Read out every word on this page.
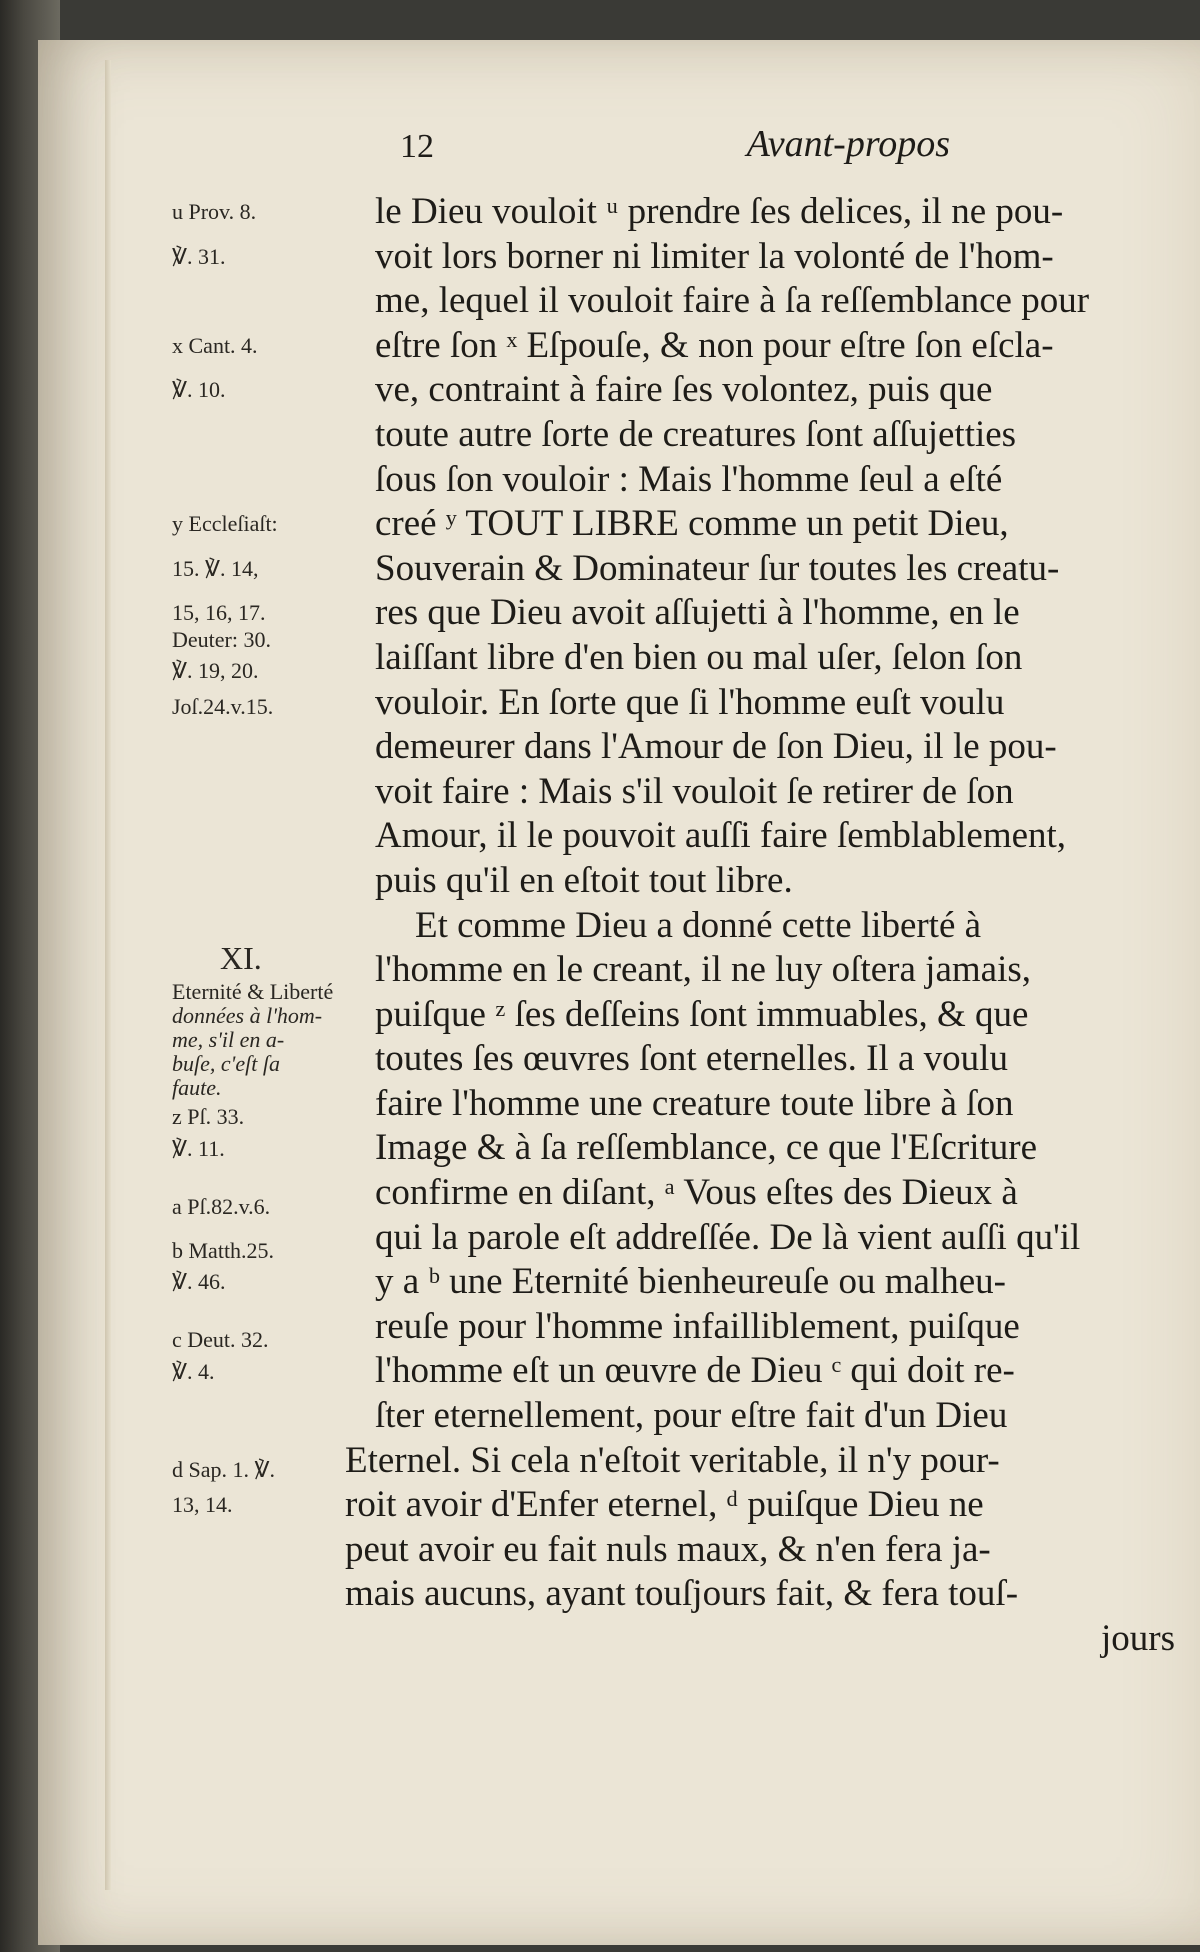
12	Avant-propos
le Dieu vouloit ᵘ prendre ſes delices, il ne pou-
voit lors borner ni limiter la volonté de l'hom-
me, lequel il vouloit faire à ſa reſſemblance pour
eſtre ſon ˣ Eſpouſe, & non pour eſtre ſon eſcla-
ve, contraint à faire ſes volontez, puis que
toute autre ſorte de creatures ſont aſſujetties
ſous ſon vouloir : Mais l'homme ſeul a eſté
creé ʸ TOUT LIBRE comme un petit Dieu,
Souverain & Dominateur ſur toutes les creatu-
res que Dieu avoit aſſujetti à l'homme, en le
laiſſant libre d'en bien ou mal uſer, ſelon ſon
vouloir. En ſorte que ſi l'homme euſt voulu
demeurer dans l'Amour de ſon Dieu, il le pou-
voit faire : Mais s'il vouloit ſe retirer de ſon
Amour, il le pouvoit auſſi faire ſemblablement,
puis qu'il en eſtoit tout libre.
Et comme Dieu a donné cette liberté à
l'homme en le creant, il ne luy oſtera jamais,
puiſque ᶻ ſes deſſeins ſont immuables, & que
toutes ſes œuvres ſont eternelles. Il a voulu
faire l'homme une creature toute libre à ſon
Image & à ſa reſſemblance, ce que l'Eſcriture
confirme en diſant, ᵃ Vous eſtes des Dieux à
qui la parole eſt addreſſée. De là vient auſſi qu'il
y a ᵇ une Eternité bienheureuſe ou malheu-
reuſe pour l'homme infailliblement, puiſque
l'homme eſt un œuvre de Dieu ᶜ qui doit re-
ſter eternellement, pour eſtre fait d'un Dieu
Eternel. Si cela n'eſtoit veritable, il n'y pour-
roit avoir d'Enfer eternel, ᵈ puiſque Dieu ne
peut avoir eu fait nuls maux, & n'en fera ja-
mais aucuns, ayant touſjours fait, & fera touſ-
jours
u Prov. 8.
℣. 31.
x Cant. 4.
℣. 10.
y Eccleſiaſt:
15. ℣. 14,
15, 16, 17.
Deuter: 30.
℣. 19, 20.
Joſ.24.v.15.
z Pſ. 33.
℣. 11.
a Pſ.82.v.6.
b Matth.25.
℣. 46.
c Deut. 32.
℣. 4.
d Sap. 1. ℣.
13, 14.
XI.
Eternité & Liberté
données à l'hom-
me, s'il en a-
buſe, c'eſt ſa
faute.
